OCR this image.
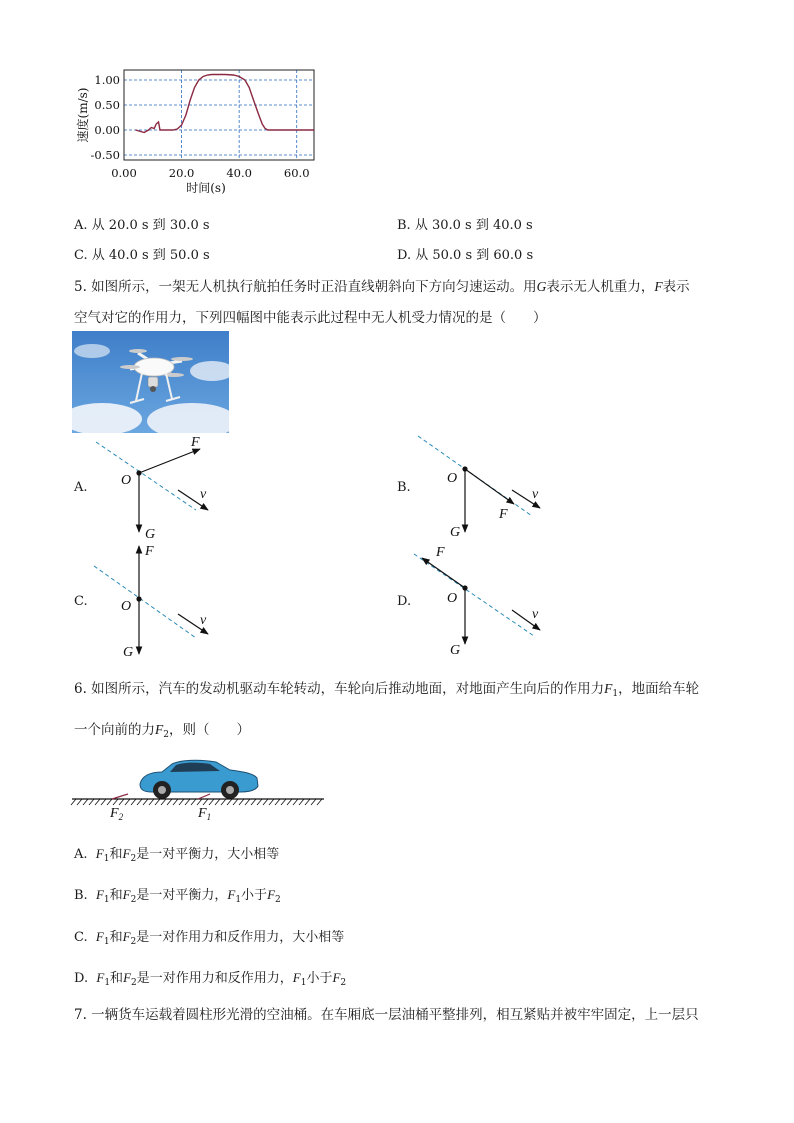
1.00
0.50
0.00
-0.50
0.00	20.0	40.0	60.0
速度(m/s)
时间(s)
A. 从 20.0 s 到 30.0 s	B. 从 30.0 s 到 40.0 s
C. 从 40.0 s 到 50.0 s	D. 从 50.0 s 到 60.0 s
5. 如图所示，一架无人机执行航拍任务时正沿直线朝斜向下方向匀速运动。用G表示无人机重力，F表示
空气对它的作用力，下列四幅图中能表示此过程中无人机受力情况的是（　　）
A.
F
O
G
v	B.
O
F
G
v
C.
F
O
G
v
D.
F
O
G
v
6. 如图所示，汽车的发动机驱动车轮转动，车轮向后推动地面，对地面产生向后的作用力$F_1$，地面给车轮
一个向前的力$F_2$，则（　　）
$F_2$	$F_1$
A. $F_1$和$F_2$是一对平衡力，大小相等
B. $F_1$和$F_2$是一对平衡力，$F_1$小于$F_2$
C. $F_1$和$F_2$是一对作用力和反作用力，大小相等
D. $F_1$和$F_2$是一对作用力和反作用力，$F_1$小于$F_2$
7. 一辆货车运载着圆柱形光滑的空油桶。在车厢底一层油桶平整排列，相互紧贴并被牢牢固定，上一层只
